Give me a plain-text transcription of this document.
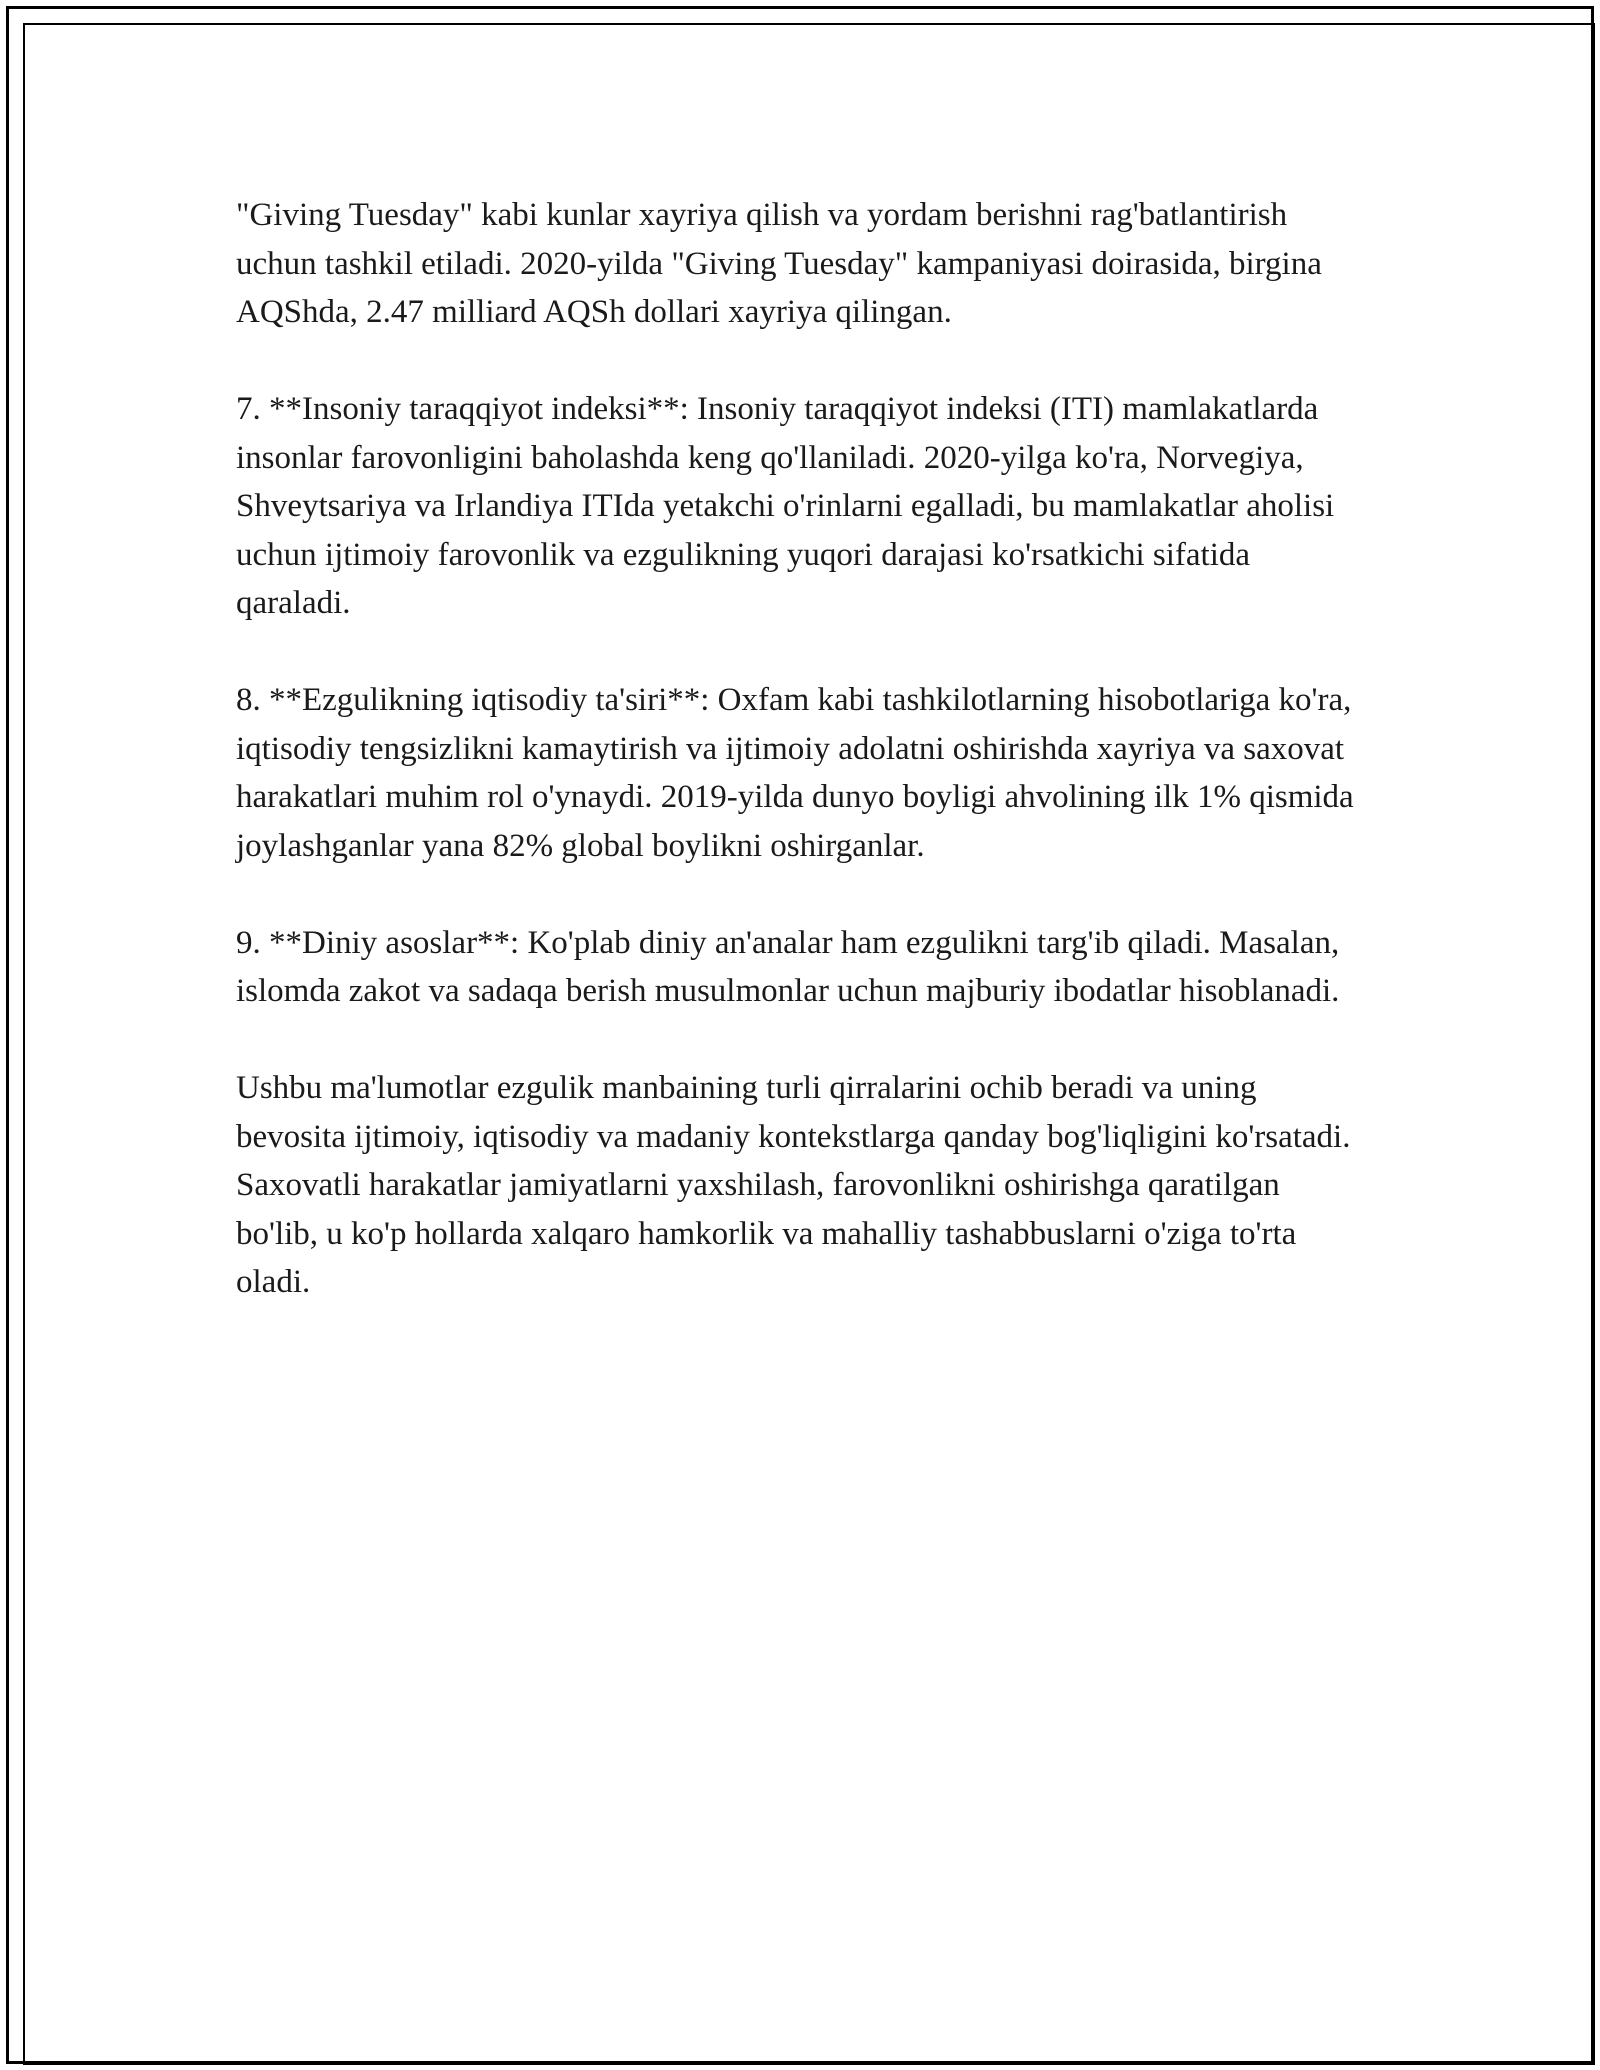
"Giving Tuesday" kabi kunlar xayriya qilish va yordam berishni rag'batlantirish uchun tashkil etiladi. 2020-yilda "Giving Tuesday" kampaniyasi doirasida, birgina AQShda, 2.47 milliard AQSh dollari xayriya qilingan.

7. **Insoniy taraqqiyot indeksi**: Insoniy taraqqiyot indeksi (ITI) mamlakatlarda insonlar farovonligini baholashda keng qo'llaniladi. 2020-yilga ko'ra, Norvegiya, Shveytsariya va Irlandiya ITIda yetakchi o'rinlarni egalladi, bu mamlakatlar aholisi uchun ijtimoiy farovonlik va ezgulikning yuqori darajasi ko'rsatkichi sifatida qaraladi.

8. **Ezgulikning iqtisodiy ta'siri**: Oxfam kabi tashkilotlarning hisobotlariga ko'ra, iqtisodiy tengsizlikni kamaytirish va ijtimoiy adolatni oshirishda xayriya va saxovat harakatlari muhim rol o'ynaydi. 2019-yilda dunyo boyligi ahvolining ilk 1% qismida joylashganlar yana 82% global boylikni oshirganlar.

9. **Diniy asoslar**: Ko'plab diniy an'analar ham ezgulikni targ'ib qiladi. Masalan, islomda zakot va sadaqa berish musulmonlar uchun majburiy ibodatlar hisoblanadi.

Ushbu ma'lumotlar ezgulik manbaining turli qirralarini ochib beradi va uning bevosita ijtimoiy, iqtisodiy va madaniy kontekstlarga qanday bog'liqligini ko'rsatadi. Saxovatli harakatlar jamiyatlarni yaxshilash, farovonlikni oshirishga qaratilgan bo'lib, u ko'p hollarda xalqaro hamkorlik va mahalliy tashabbuslarni o'ziga to'rta oladi.
